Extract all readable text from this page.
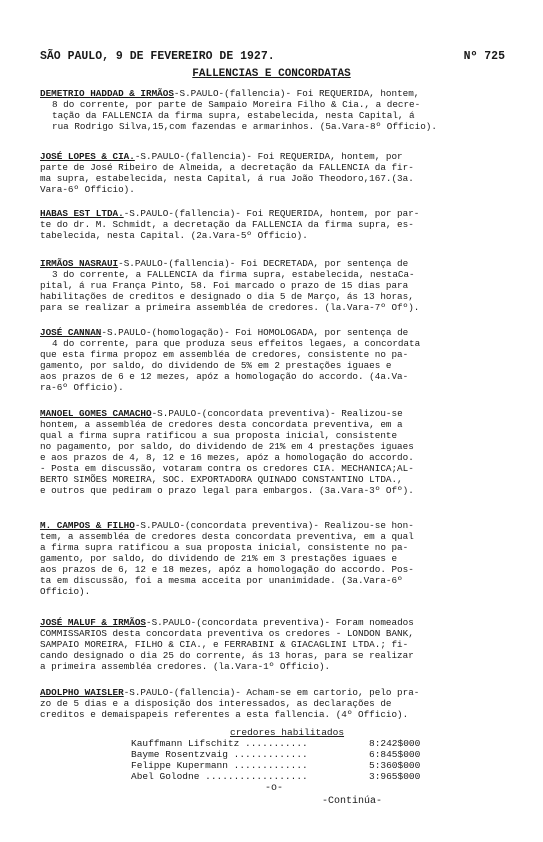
SÃO PAULO, 9 DE FEVEREIRO DE 1927.	Nº 725
FALLENCIAS E CONCORDATAS
DEMETRIO HADDAD & IRMÃOS-S.PAULO-(fallencia)- Foi REQUERIDA, hontem,
8 do corrente, por parte de Sampaio Moreira Filho & Cia., a decre-
tação da FALLENCIA da firma supra, estabelecida, nesta Capital, á
rua Rodrigo Silva,15,com fazendas e armarinhos. (5a.Vara-8º Officio).
JOSÉ LOPES & CIA.-S.PAULO-(fallencia)- Foi REQUERIDA, hontem, por
parte de José Ribeiro de Almeida, a decretação da FALLENCIA da fir-
ma supra, estabelecida, nesta Capital, á rua João Theodoro,167.(3a.
Vara-6º Officio).
HABAS EST LTDA.-S.PAULO-(fallencia)- Foi REQUERIDA, hontem, por par-
te do dr. M. Schmidt, a decretação da FALLENCIA da firma supra, es-
tabelecida, nesta Capital. (2a.Vara-5º Officio).
IRMÃOS NASRAUI-S.PAULO-(fallencia)- Foi DECRETADA, por sentença de
3 do corrente, a FALLENCIA da firma supra, estabelecida, nestaCa-
pital, á rua França Pinto, 58. Foi marcado o prazo de 15 dias para
habilitações de creditos e designado o dia 5 de Março, ás 13 horas,
para se realizar a primeira assembléa de credores. (la.Vara-7º Ofº).
JOSÉ CANNAN-S.PAULO-(homologação)- Foi HOMOLOGADA, por sentença de
4 do corrente, para que produza seus effeitos legaes, a concordata
que esta firma propoz em assembléa de credores, consistente no pa-
gamento, por saldo, do dividendo de 5% em 2 prestações iguaes e
aos prazos de 6 e 12 mezes, apóz a homologação do accordo. (4a.Va-
ra-6º Officio).
MANOEL GOMES CAMACHO-S.PAULO-(concordata preventiva)- Realizou-se
hontem, a assembléa de credores desta concordata preventiva, em a
qual a firma supra ratificou a sua proposta inicial, consistente
no pagamento, por saldo, do dividendo de 21% em 4 prestações iguaes
e aos prazos de 4, 8, 12 e 16 mezes, apóz a homologação do accordo.
- Posta em discussão, votaram contra os credores CIA. MECHANICA;AL-
BERTO SIMÕES MOREIRA, SOC. EXPORTADORA QUINADO CONSTANTINO LTDA.,
e outros que pediram o prazo legal para embargos. (3a.Vara-3º Ofº).
M. CAMPOS & FILHO-S.PAULO-(concordata preventiva)- Realizou-se hon-
tem, a assembléa de credores desta concordata preventiva, em a qual
a firma supra ratificou a sua proposta inicial, consistente no pa-
gamento, por saldo, do dividendo de 21% em 3 prestações iguaes e
aos prazos de 6, 12 e 18 mezes, apóz a homologação do accordo. Pos-
ta em discussão, foi a mesma acceita por unanimidade. (3a.Vara-6º
Officio).
JOSÉ MALUF & IRMÃOS-S.PAULO-(concordata preventiva)- Foram nomeados
COMMISSARIOS desta concordata preventiva os credores - LONDON BANK,
SAMPAIO MOREIRA, FILHO & CIA., e FERRABINI & GIACAGLINI LTDA.; fi-
cando designado o dia 25 do corrente, ás 13 horas, para se realizar
a primeira assembléa credores. (la.Vara-1º Officio).
ADOLPHO WAISLER-S.PAULO-(fallencia)- Acham-se em cartorio, pelo pra-
zo de 5 dias e a disposição dos interessados, as declarações de
creditos e demaispapeis referentes a esta fallencia. (4º Officio).
credores habilitados
Kauffmann Lifschitz ...........	8:242$000
Bayme Rosentzvaig .............	6:845$000
Felippe Kupermann .............	5:360$000
Abel Golodne ..................	3:965$000
-o-
-Continúa-
